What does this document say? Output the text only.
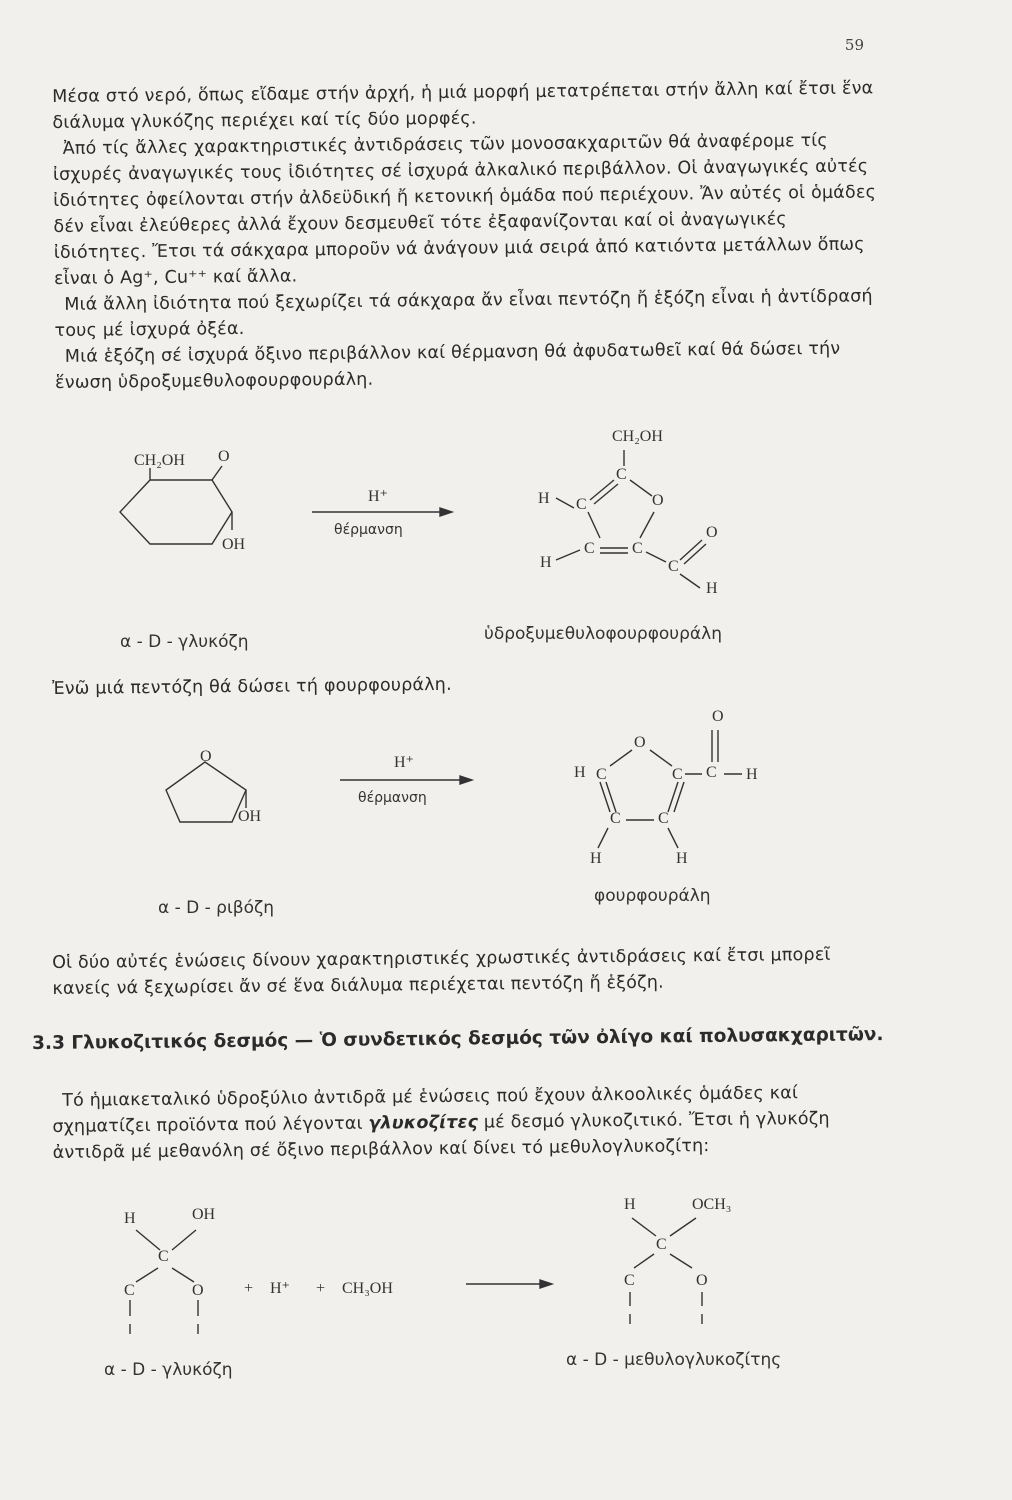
59

Μέσα στό νερό, ὅπως εἴδαμε στήν ἀρχή, ἡ μιά μορφή μετατρέπεται στήν ἄλλη καί ἔτσι ἕνα διάλυμα γλυκόζης περιέχει καί τίς δύο μορφές.

Ἀπό τίς ἄλλες χαρακτηριστικές ἀντιδράσεις τῶν μονοσακχαριτῶν θά ἀναφέρομε τίς ἰσχυρές ἀναγωγικές τους ἰδιότητες σέ ἰσχυρά ἀλκαλικό περιβάλλον. Οἱ ἀναγωγικές αὐτές ἰδιότητες ὀφείλονται στήν ἀλδεϋδική ἤ κετονική ὁμάδα πού περιέχουν. Ἄν αὐτές οἱ ὁμάδες δέν εἶναι ἐλεύθερες ἀλλά ἔχουν δεσμευθεῖ τότε ἐξαφανίζονται καί οἱ ἀναγωγικές ἰδιότητες. Ἔτσι τά σάκχαρα μποροῦν νά ἀνάγουν μιά σειρά ἀπό κατιόντα μετάλλων ὅπως εἶναι ὁ Ag⁺, Cu⁺⁺ καί ἄλλα.

Μιά ἄλλη ἰδιότητα πού ξεχωρίζει τά σάκχαρα ἄν εἶναι πεντόζη ἤ ἑξόζη εἶναι ἡ ἀντίδρασή τους μέ ἰσχυρά ὀξέα.

Μιά ἑξόζη σέ ἰσχυρά ὄξινο περιβάλλον καί θέρμανση θά ἀφυδατωθεῖ καί θά δώσει τήν ἕνωση ὑδροξυμεθυλοφουρφουράλη.

CH₂OH O
OH
H⁺
θέρμανση
α - D - γλυκόζη
CH₂OH
C
H C	O
C C
H	C
O
H
ὑδροξυμεθυλοφουρφουράλη

Ἐνῶ μιά πεντόζη θά δώσει τή φουρφουράλη.

O
OH
H⁺
θέρμανση
α - D - ριβόζη
O
O
H C	C C H
C C
H	H
φουρφουράλη

Οἱ δύο αὐτές ἑνώσεις δίνουν χαρακτηριστικές χρωστικές ἀντιδράσεις καί ἔτσι μπορεῖ κανείς νά ξεχωρίσει ἄν σέ ἕνα διάλυμα περιέχεται πεντόζη ἤ ἑξόζη.

3.3 Γλυκοζιτικός δεσμός — Ὁ συνδετικός δεσμός τῶν ὀλίγο καί πολυσακχαριτῶν.

Τό ἡμιακεταλικό ὑδροξύλιο ἀντιδρᾶ μέ ἑνώσεις πού ἔχουν ἀλκοολικές ὁμάδες καί σχηματίζει προϊόντα πού λέγονται γλυκοζίτες μέ δεσμό γλυκοζιτικό. Ἔτσι ἡ γλυκόζη ἀντιδρᾶ μέ μεθανόλη σέ ὄξινο περιβάλλον καί δίνει τό μεθυλογλυκοζίτη:

H	OH
C
C	O	+ H⁺ + CH₃OH
α - D - γλυκόζη
H	OCH₃
C
C	O
α - D - μεθυλογλυκοζίτης
